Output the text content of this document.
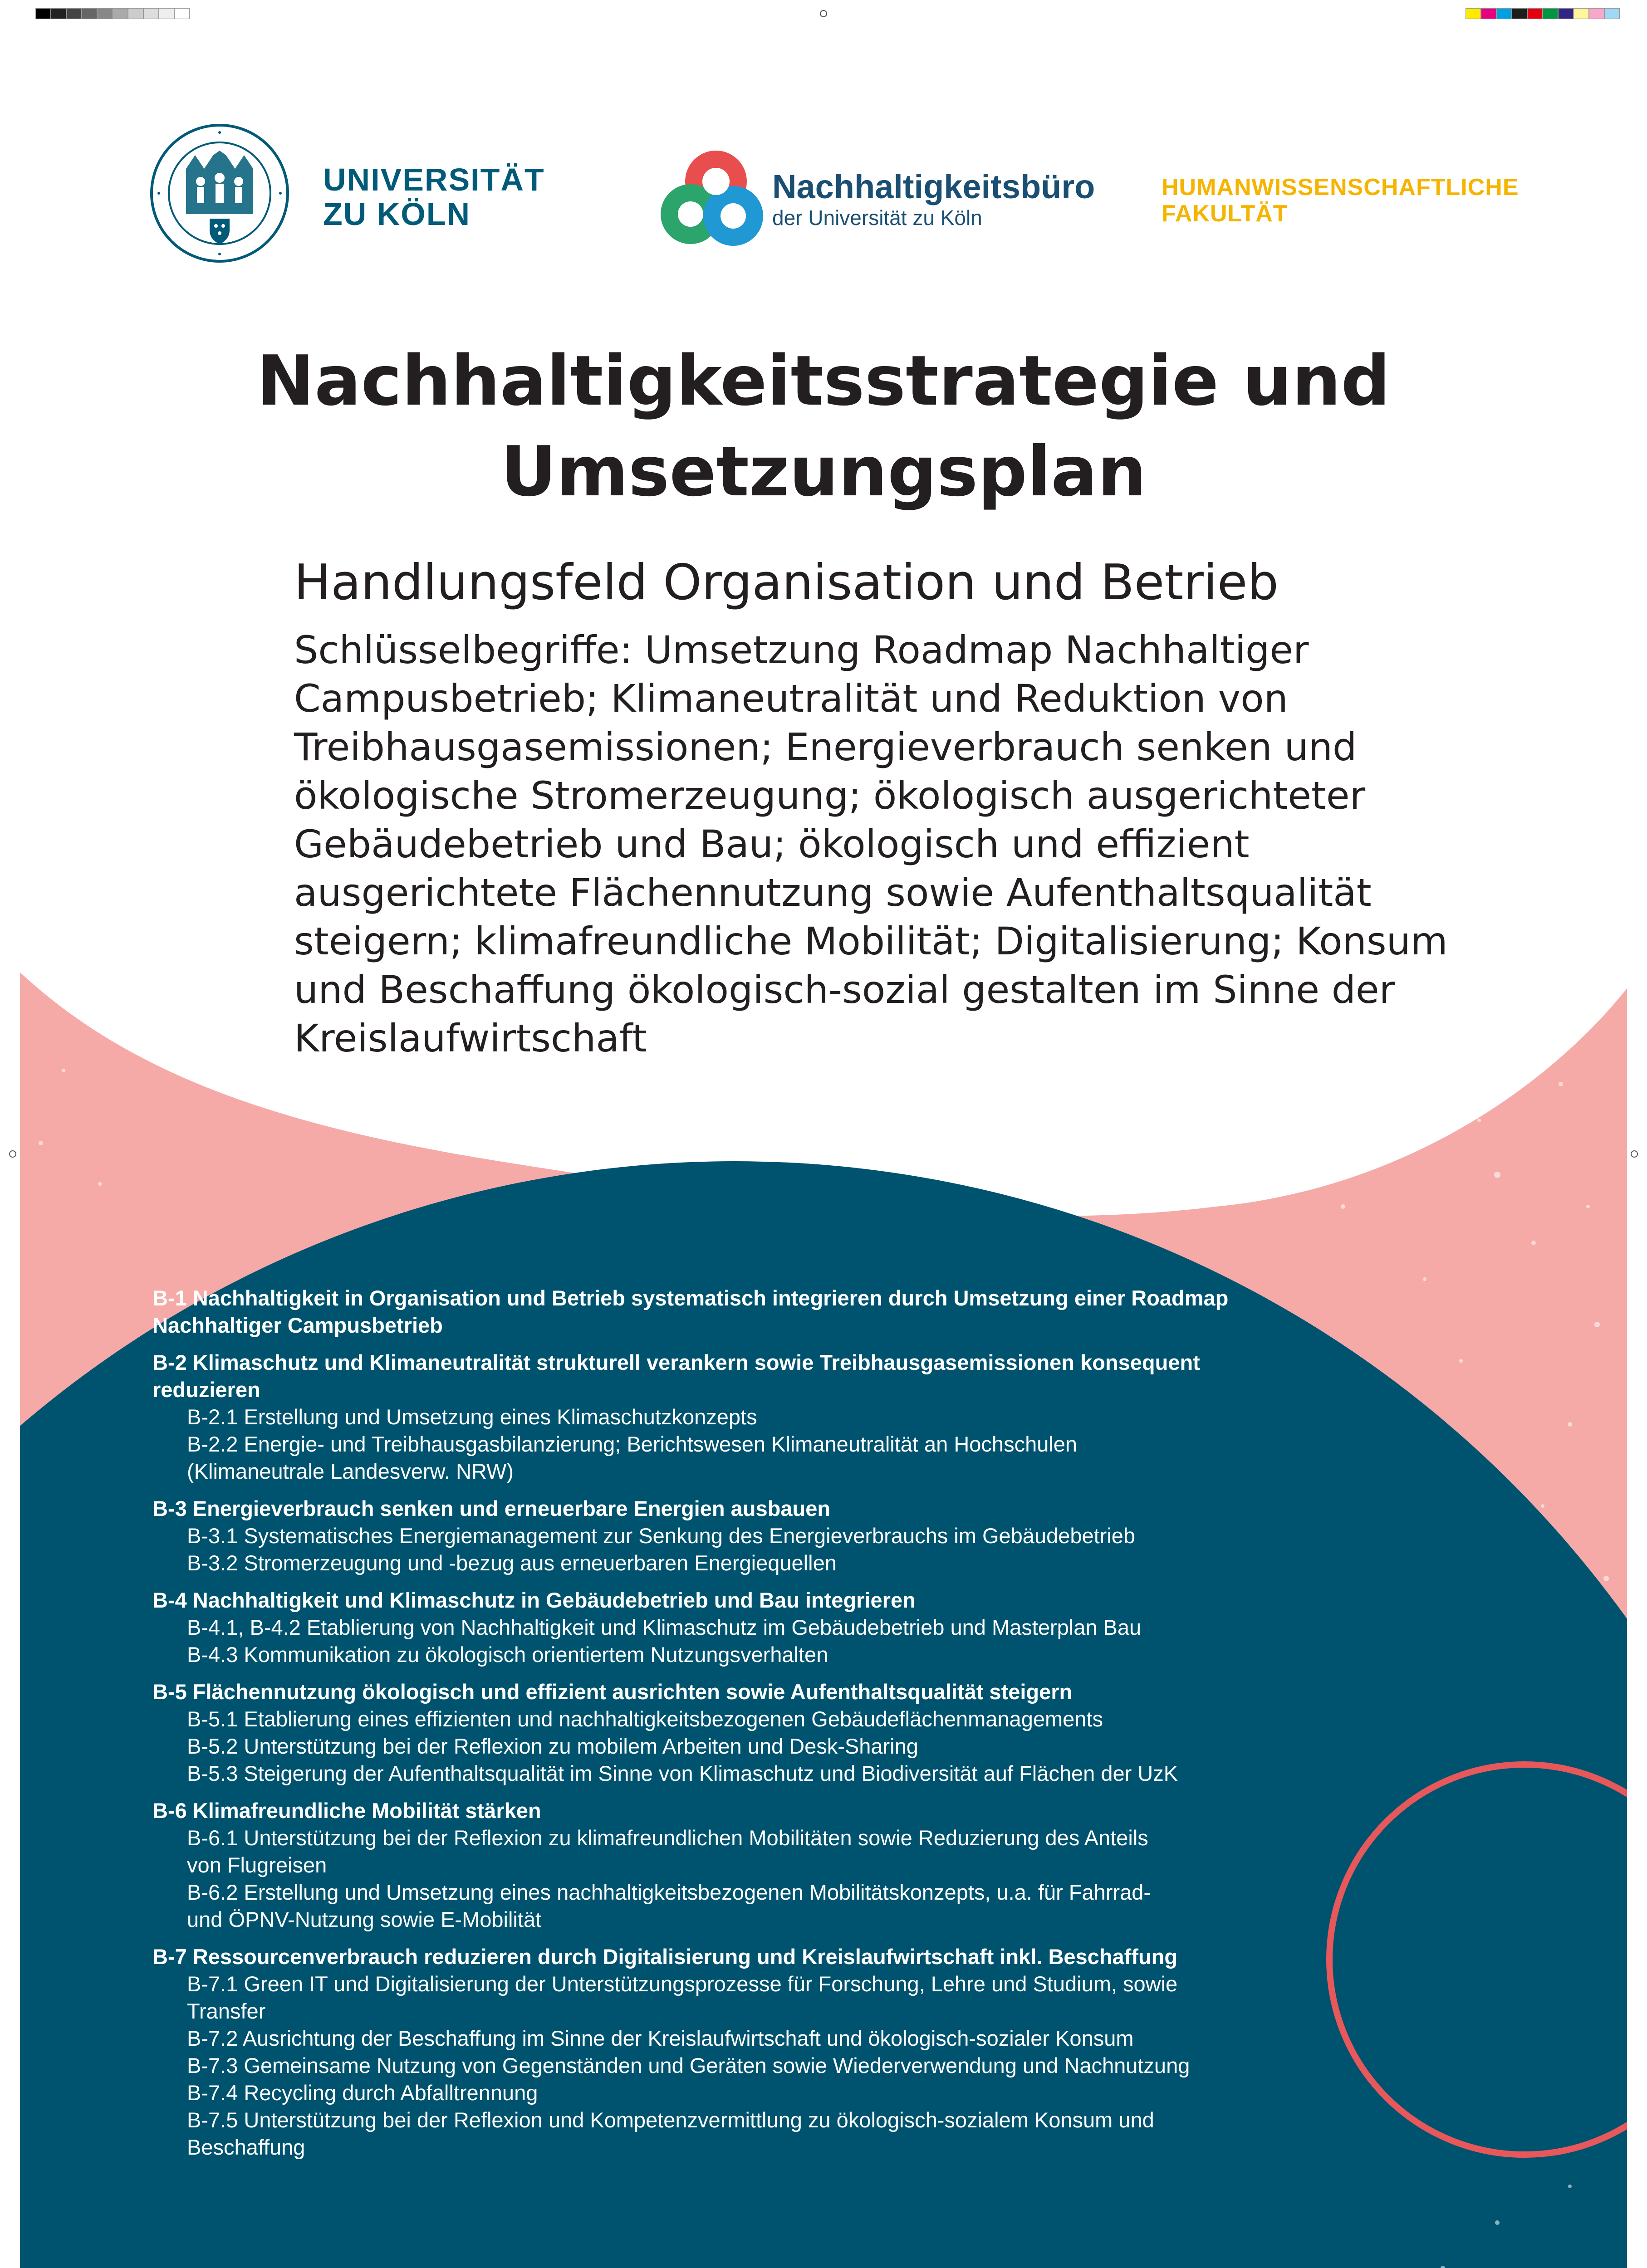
UNIVERSITÄT
ZU KÖLN
Nachhaltigkeitsbüro
der Universität zu Köln
HUMANWISSENSCHAFTLICHE
FAKULTÄT
Nachhaltigkeitsstrategie und
Umsetzungsplan
Handlungsfeld Organisation und Betrieb
Schlüsselbegriffe: Umsetzung Roadmap Nachhaltiger
Campusbetrieb; Klimaneutralität und Reduktion von
Treibhausgasemissionen; Energieverbrauch senken und
ökologische Stromerzeugung; ökologisch ausgerichteter
Gebäudebetrieb und Bau; ökologisch und effizient
ausgerichtete Flächennutzung sowie Aufenthaltsqualität
steigern; klimafreundliche Mobilität; Digitalisierung; Konsum
und Beschaffung ökologisch-sozial gestalten im Sinne der
Kreislaufwirtschaft
B-1 Nachhaltigkeit in Organisation und Betrieb systematisch integrieren durch Umsetzung einer Roadmap
Nachhaltiger Campusbetrieb
B-2 Klimaschutz und Klimaneutralität strukturell verankern sowie Treibhausgasemissionen konsequent
reduzieren
B-2.1 Erstellung und Umsetzung eines Klimaschutzkonzepts
B-2.2 Energie- und Treibhausgasbilanzierung; Berichtswesen Klimaneutralität an Hochschulen
(Klimaneutrale Landesverw. NRW)
B-3 Energieverbrauch senken und erneuerbare Energien ausbauen
B-3.1 Systematisches Energiemanagement zur Senkung des Energieverbrauchs im Gebäudebetrieb
B-3.2 Stromerzeugung und -bezug aus erneuerbaren Energiequellen
B-4 Nachhaltigkeit und Klimaschutz in Gebäudebetrieb und Bau integrieren
B-4.1, B-4.2 Etablierung von Nachhaltigkeit und Klimaschutz im Gebäudebetrieb und Masterplan Bau
B-4.3 Kommunikation zu ökologisch orientiertem Nutzungsverhalten
B-5 Flächennutzung ökologisch und effizient ausrichten sowie Aufenthaltsqualität steigern
B-5.1 Etablierung eines effizienten und nachhaltigkeitsbezogenen Gebäudeflächenmanagements
B-5.2 Unterstützung bei der Reflexion zu mobilem Arbeiten und Desk-Sharing
B-5.3 Steigerung der Aufenthaltsqualität im Sinne von Klimaschutz und Biodiversität auf Flächen der UzK
B-6 Klimafreundliche Mobilität stärken
B-6.1 Unterstützung bei der Reflexion zu klimafreundlichen Mobilitäten sowie Reduzierung des Anteils
von Flugreisen
B-6.2 Erstellung und Umsetzung eines nachhaltigkeitsbezogenen Mobilitätskonzepts, u.a. für Fahrrad-
und ÖPNV-Nutzung sowie E-Mobilität
B-7 Ressourcenverbrauch reduzieren durch Digitalisierung und Kreislaufwirtschaft inkl. Beschaffung
B-7.1 Green IT und Digitalisierung der Unterstützungsprozesse für Forschung, Lehre und Studium, sowie
Transfer
B-7.2 Ausrichtung der Beschaffung im Sinne der Kreislaufwirtschaft und ökologisch-sozialer Konsum
B-7.3 Gemeinsame Nutzung von Gegenständen und Geräten sowie Wiederverwendung und Nachnutzung
B-7.4 Recycling durch Abfalltrennung
B-7.5 Unterstützung bei der Reflexion und Kompetenzvermittlung zu ökologisch-sozialem Konsum und
Beschaffung
